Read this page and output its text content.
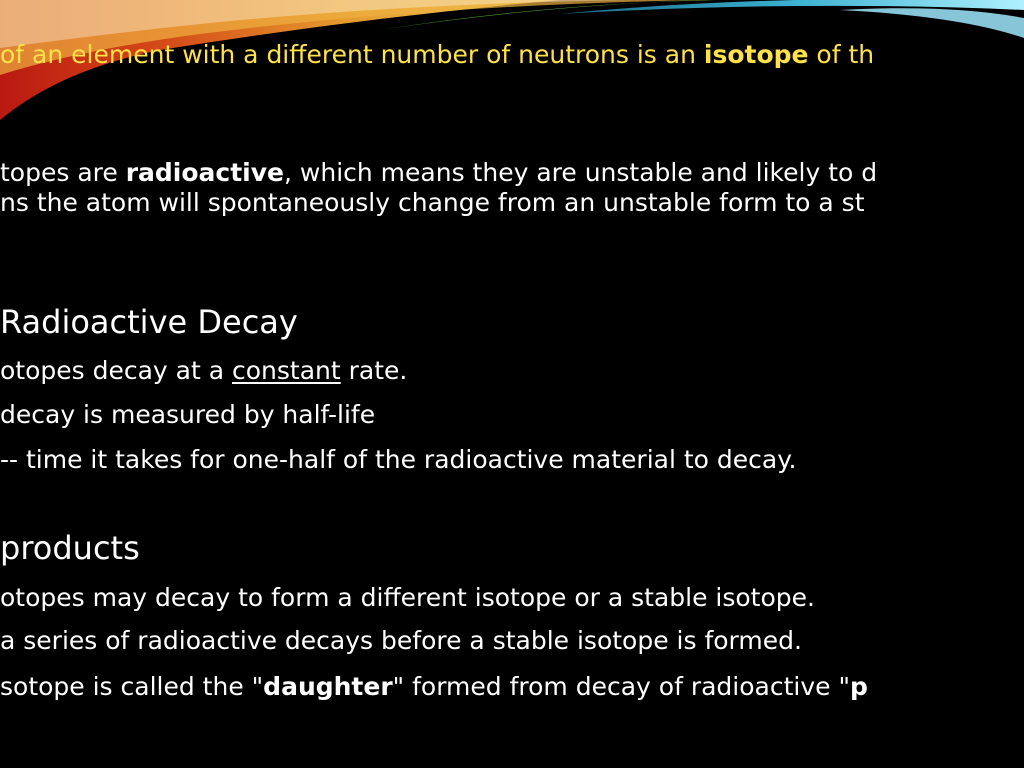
of an element with a different number of neutrons is an isotope of th
topes are radioactive, which means they are unstable and likely to d
ns the atom will spontaneously change from an unstable form to a st
Radioactive Decay
otopes decay at a constant rate.
decay is measured by half-life
-- time it takes for one-half of the radioactive material to decay.
products
otopes may decay to form a different isotope or a stable isotope.
a series of radioactive decays before a stable isotope is formed.
sotope is called the "daughter" formed from decay of radioactive "p
